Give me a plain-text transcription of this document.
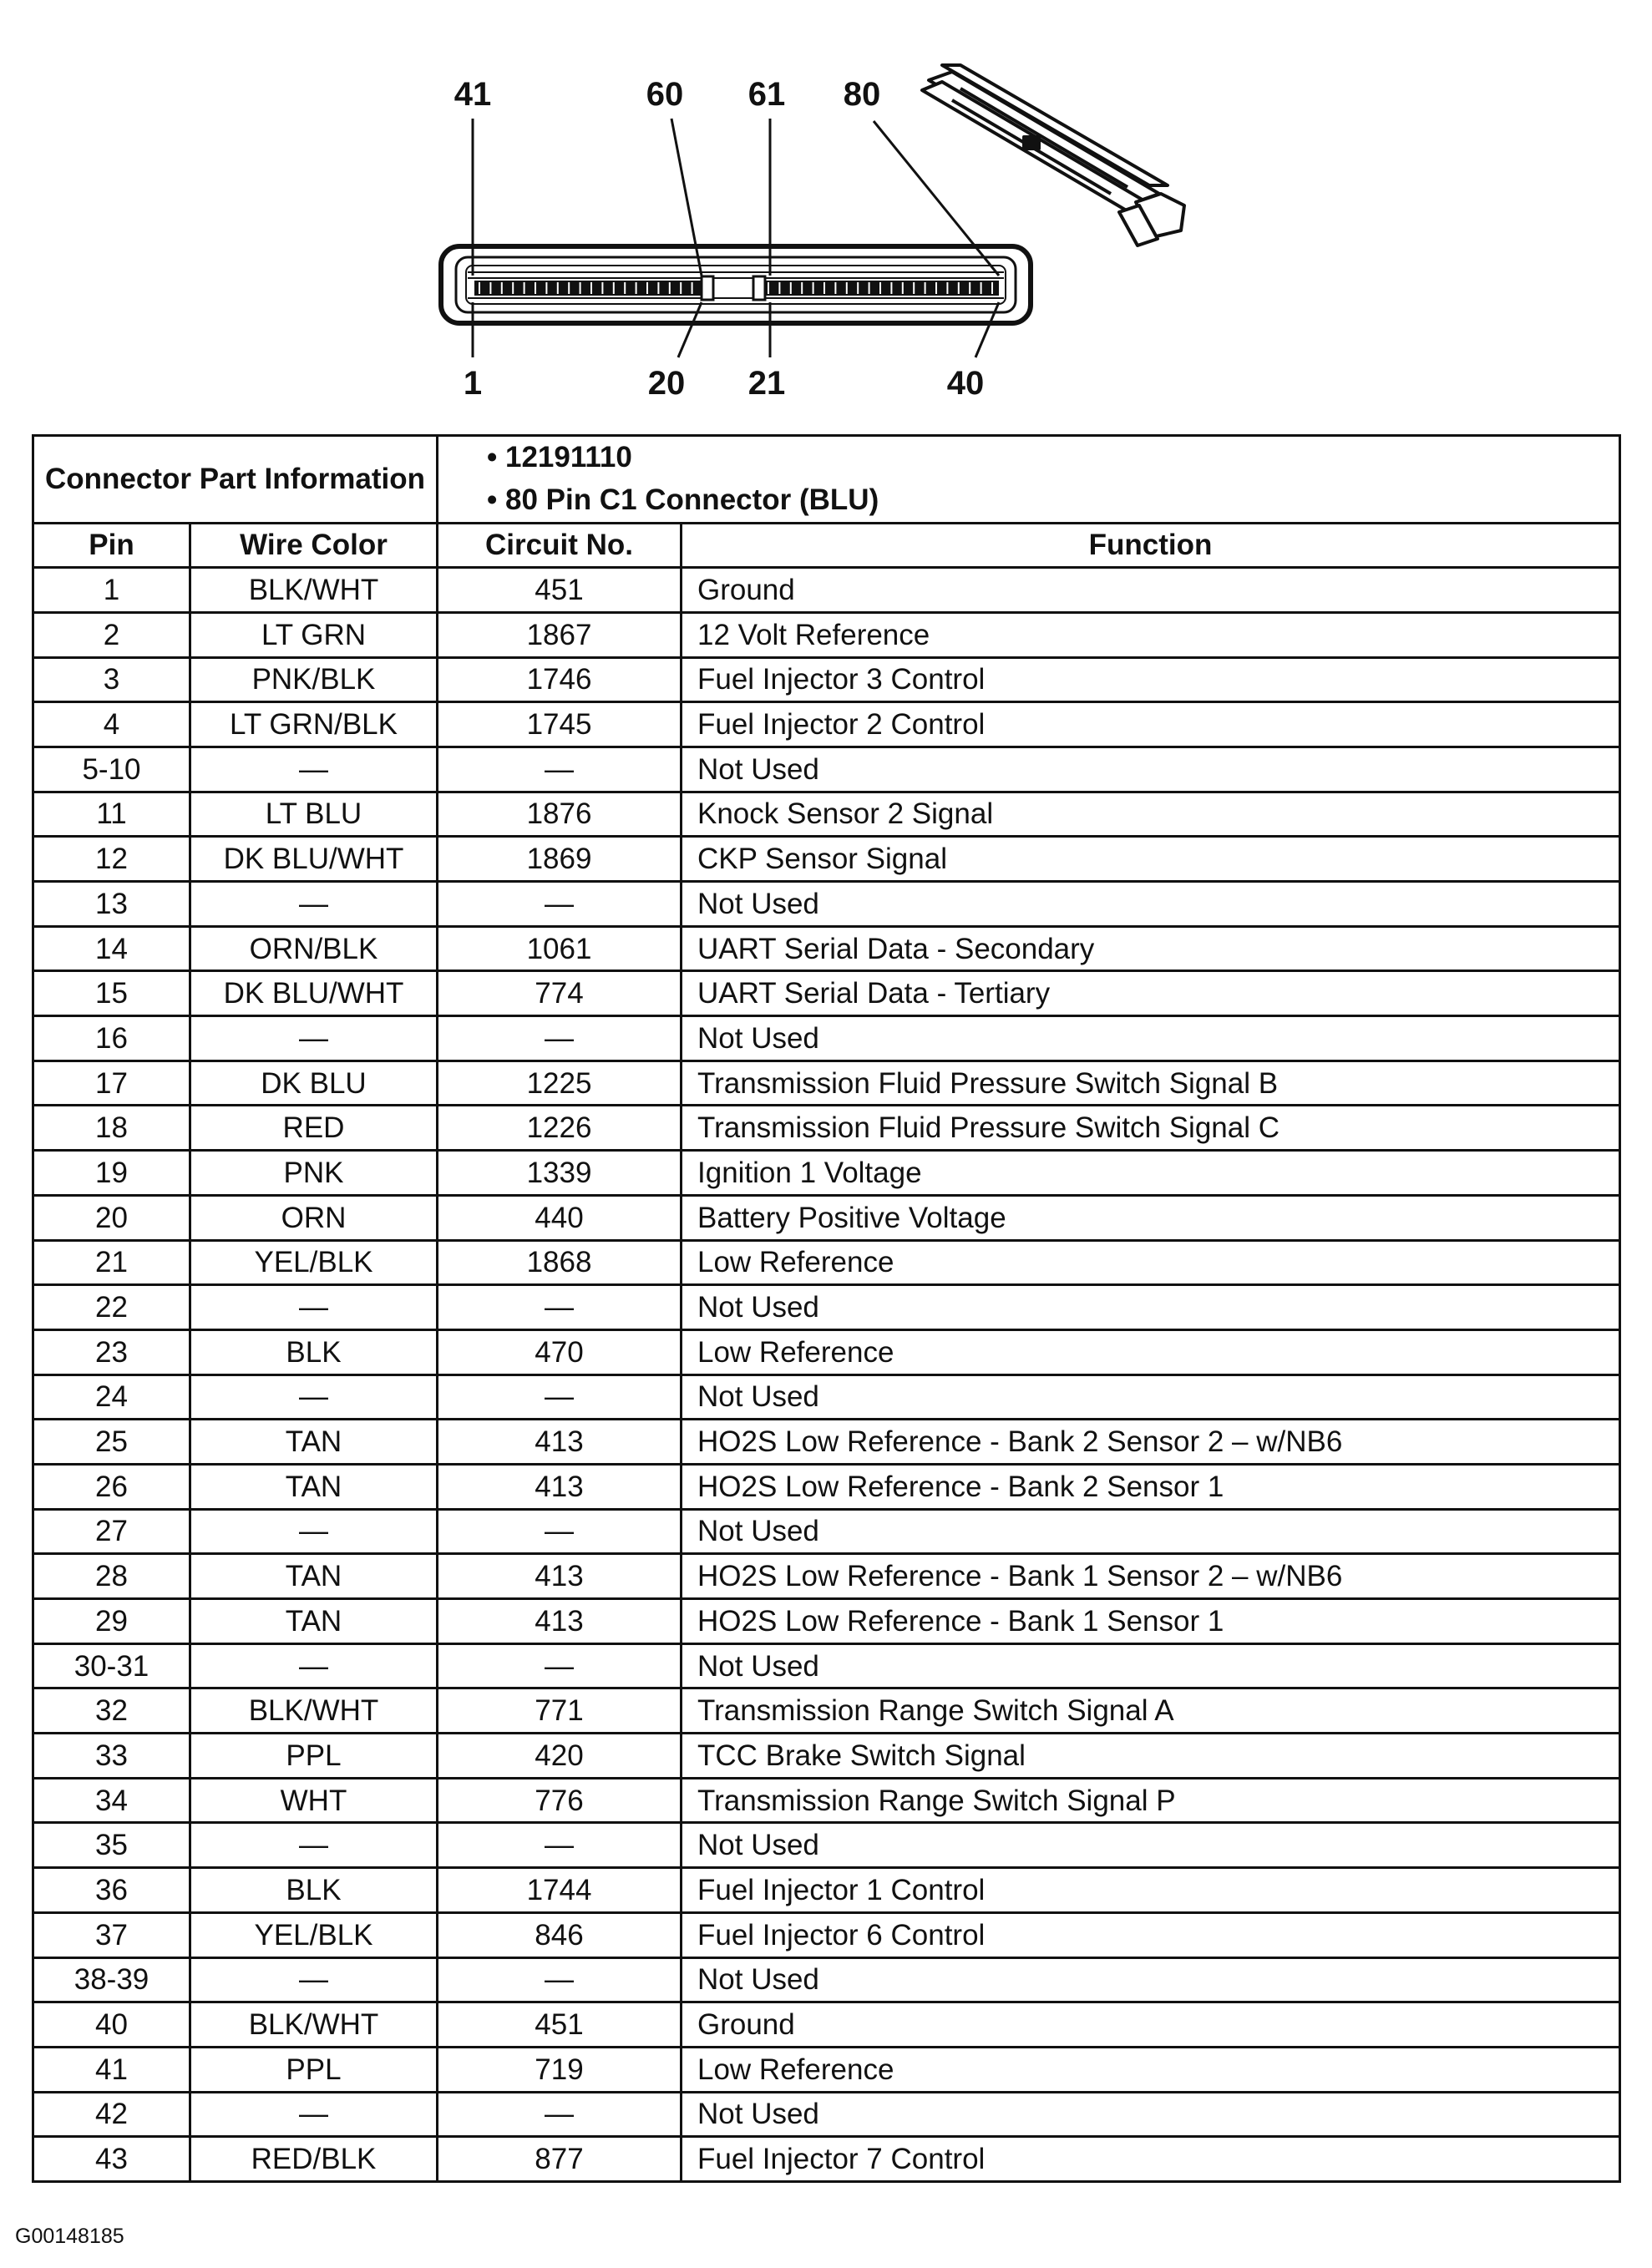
41	60 61 80
1	20 21	40
Connector Part Information		• 12191110
• 80 Pin C1 Connector (BLU)	

Pin	Wire Color	Circuit No.	Function
1	BLK/WHT	451	Ground
2	LT GRN	1867	12 Volt Reference
3	PNK/BLK	1746	Fuel Injector 3 Control
4	LT GRN/BLK	1745	Fuel Injector 2 Control
5-10	—	—	Not Used
11	LT BLU	1876	Knock Sensor 2 Signal
12	DK BLU/WHT	1869	CKP Sensor Signal
13	—	—	Not Used
14	ORN/BLK	1061	UART Serial Data - Secondary
15	DK BLU/WHT	774	UART Serial Data - Tertiary
16	—	—	Not Used
17	DK BLU	1225	Transmission Fluid Pressure Switch Signal B
18	RED	1226	Transmission Fluid Pressure Switch Signal C
19	PNK	1339	Ignition 1 Voltage
20	ORN	440	Battery Positive Voltage
21	YEL/BLK	1868	Low Reference
22	—	—	Not Used
23	BLK	470	Low Reference
24	—	—	Not Used
25	TAN	413	HO2S Low Reference - Bank 2 Sensor 2 – w/NB6
26	TAN	413	HO2S Low Reference - Bank 2 Sensor 1
27	—	—	Not Used
28	TAN	413	HO2S Low Reference - Bank 1 Sensor 2 – w/NB6
29	TAN	413	HO2S Low Reference - Bank 1 Sensor 1
30-31	—	—	Not Used
32	BLK/WHT	771	Transmission Range Switch Signal A
33	PPL	420	TCC Brake Switch Signal
34	WHT	776	Transmission Range Switch Signal P
35	—	—	Not Used
36	BLK	1744	Fuel Injector 1 Control
37	YEL/BLK	846	Fuel Injector 6 Control
38-39	—	—	Not Used
40	BLK/WHT	451	Ground
41	PPL	719	Low Reference
42	—	—	Not Used
43	RED/BLK	877	Fuel Injector 7 Control
G00148185
